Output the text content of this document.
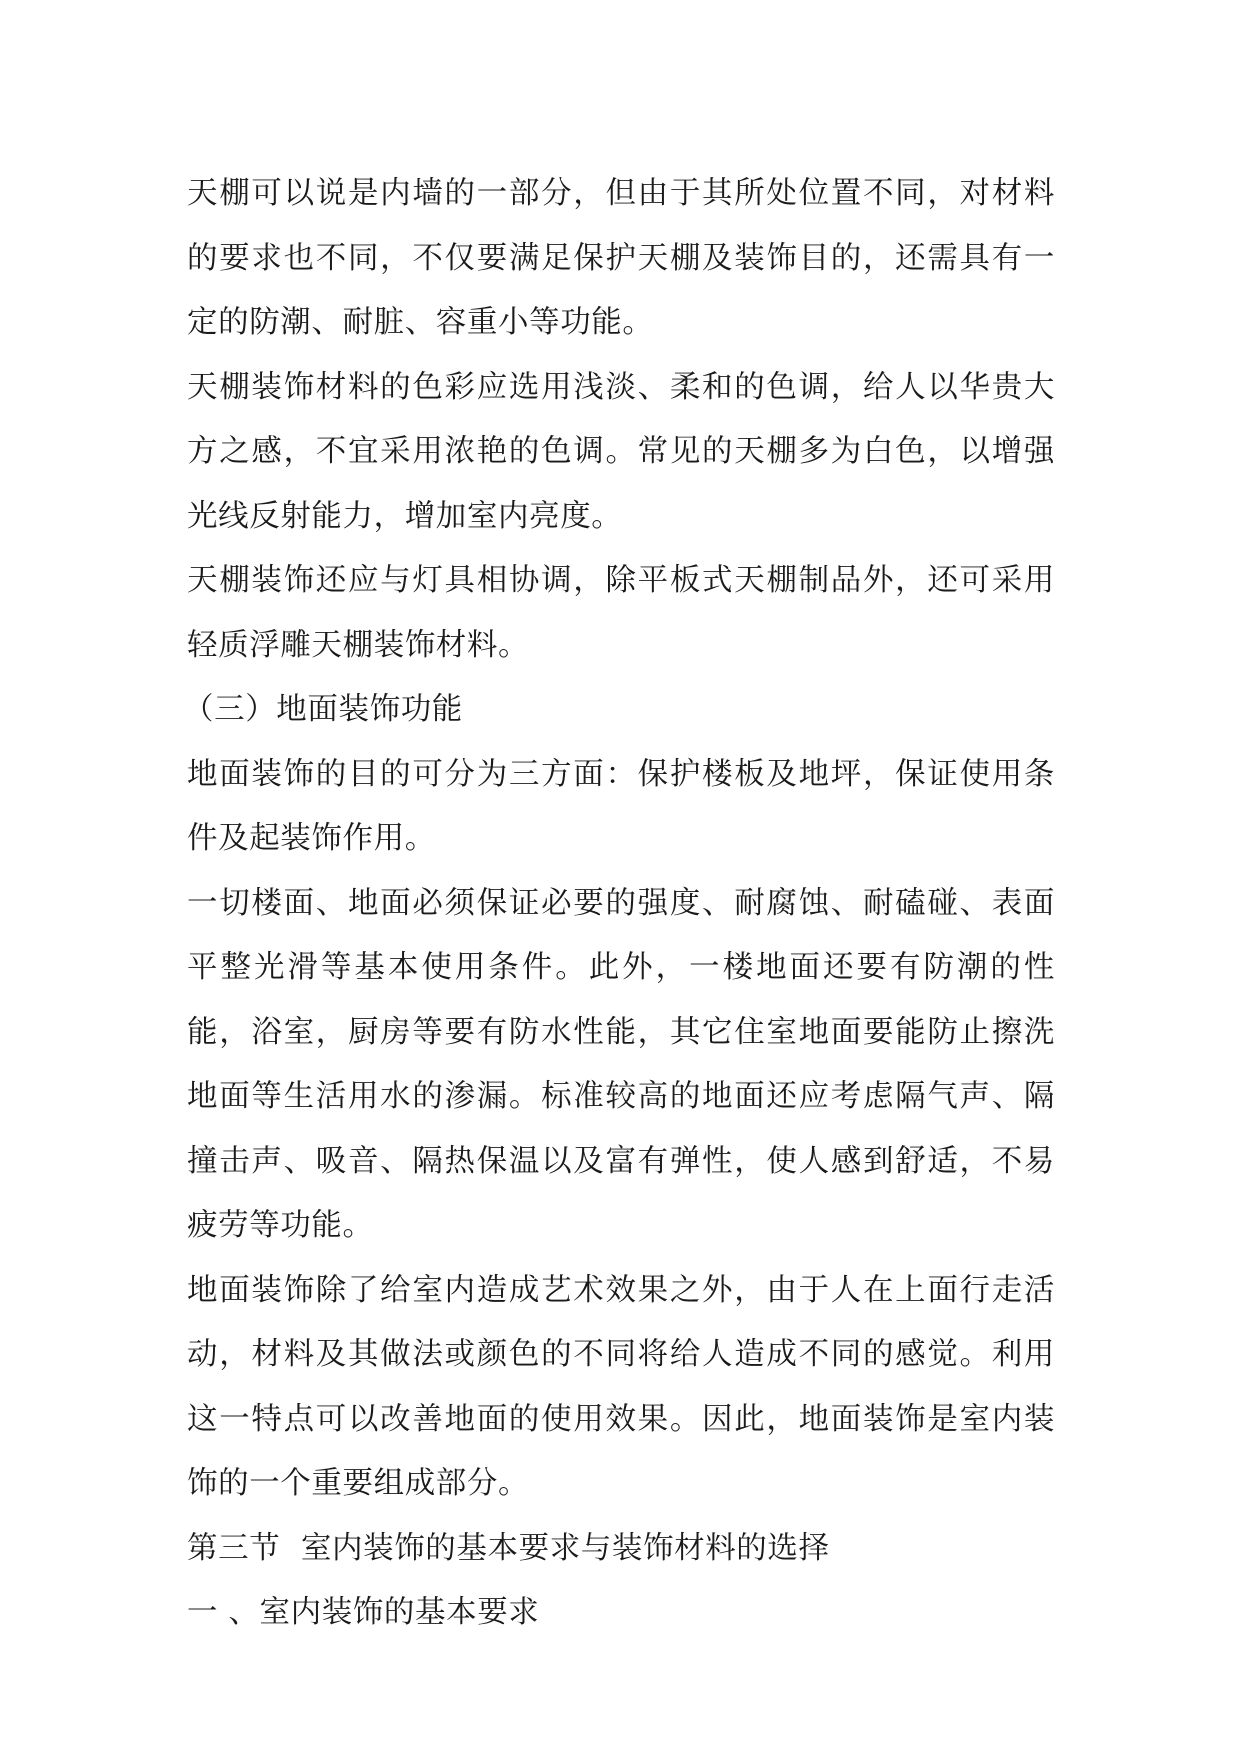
天棚可以说是内墙的一部分，但由于其所处位置不同，对材料的要求也不同，不仅要满足保护天棚及装饰目的，还需具有一定的防潮、耐脏、容重小等功能。

天棚装饰材料的色彩应选用浅淡、柔和的色调，给人以华贵大方之感，不宜采用浓艳的色调。常见的天棚多为白色，以增强光线反射能力，增加室内亮度。

天棚装饰还应与灯具相协调，除平板式天棚制品外，还可采用轻质浮雕天棚装饰材料。

（三）地面装饰功能

地面装饰的目的可分为三方面：保护楼板及地坪，保证使用条件及起装饰作用。

一切楼面、地面必须保证必要的强度、耐腐蚀、耐磕碰、表面平整光滑等基本使用条件。此外，一楼地面还要有防潮的性能，浴室，厨房等要有防水性能，其它住室地面要能防止擦洗地面等生活用水的渗漏。标准较高的地面还应考虑隔气声、隔撞击声、吸音、隔热保温以及富有弹性，使人感到舒适，不易疲劳等功能。

地面装饰除了给室内造成艺术效果之外，由于人在上面行走活动，材料及其做法或颜色的不同将给人造成不同的感觉。利用这一特点可以改善地面的使用效果。因此，地面装饰是室内装饰的一个重要组成部分。

第三节  室内装饰的基本要求与装饰材料的选择

一 、室内装饰的基本要求
